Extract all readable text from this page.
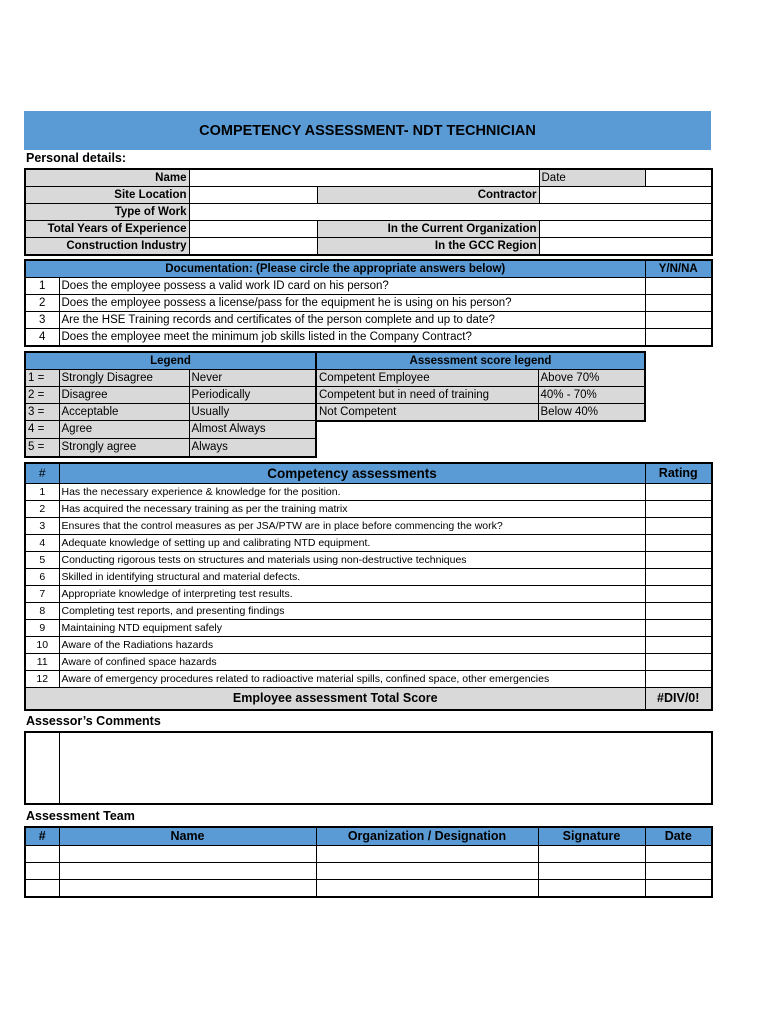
COMPETENCY ASSESSMENT- NDT TECHNICIAN
Personal details:
Name			Date	
Site Location		Contractor		
Type of Work				
Total Years of Experience		In the Current Organization		
Construction Industry		In the GCC Region		
Documentation: (Please circle the appropriate answers below)		Y/N/NA
1	Does the employee possess a valid work ID card on his person?	
2	Does the employee possess a license/pass for the equipment he is using on his person?	
3	Are the HSE Training records and certificates of the person complete and up to date?	
4	Does the employee meet the minimum job skills listed in the Company Contract?	
Legend		
1 =	Strongly Disagree	Never
2 =	Disagree	Periodically
3 =	Acceptable	Usually
4 =	Agree	Almost Always
5 =	Strongly agree	Always
Assessment score legend	
Competent Employee	Above 70%
Competent but in need of training	40% - 70%
Not Competent	Below 40%
#	Competency assessments	Rating
1	Has the necessary experience & knowledge for the position.	
2	Has acquired the necessary training as per the training matrix	
3	Ensures that the control measures as per JSA/PTW are in place before commencing the work?	
4	Adequate knowledge of setting up and calibrating NTD equipment.	
5	Conducting rigorous tests on structures and materials using non-destructive techniques	
6	Skilled in identifying structural and material defects.	
7	Appropriate knowledge of interpreting test results.	
8	Completing test reports, and presenting findings	
9	Maintaining NTD equipment safely	
10	Aware of the Radiations hazards	
11	Aware of confined space hazards	
12	Aware of emergency procedures related to radioactive material spills, confined space, other emergencies	
Employee assessment Total Score		#DIV/0!
Assessor’s Comments

Assessment Team
#	Name	Organization / Designation	Signature	Date
